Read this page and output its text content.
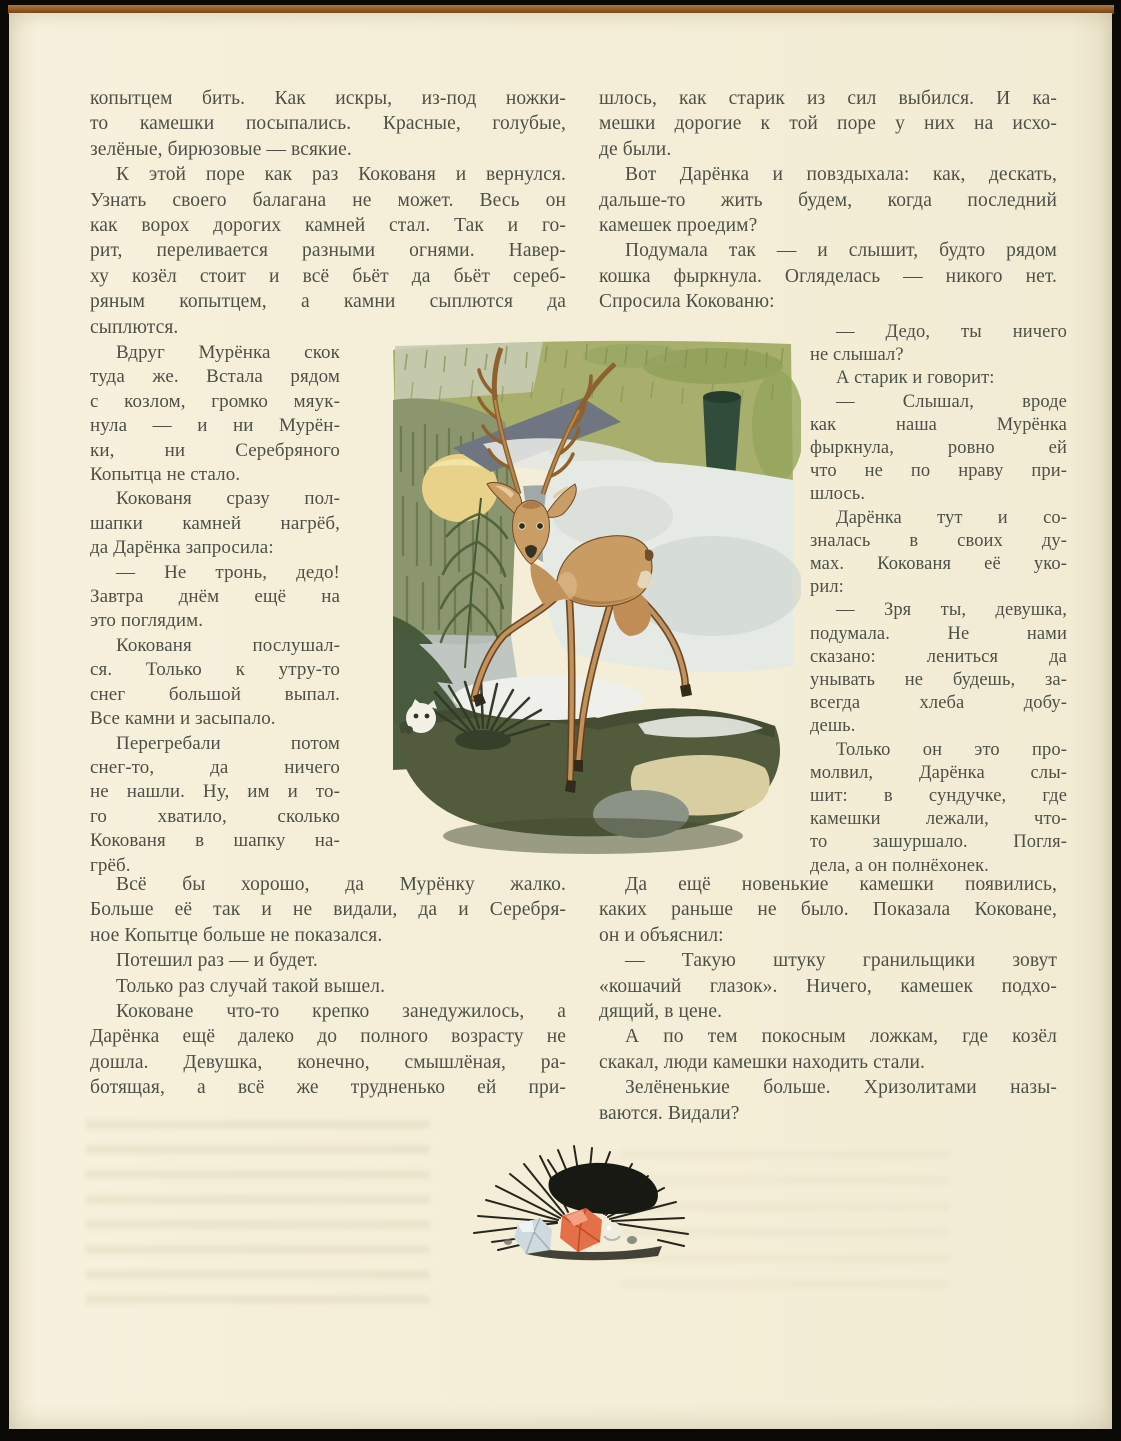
копытцем бить. Как искры, из-под ножки-
то камешки посыпались. Красные, голубые,
зелёные, бирюзовые — всякие.
К этой поре как раз Кокованя и вернулся.
Узнать своего балагана не может. Весь он
как ворох дорогих камней стал. Так и го-
рит, переливается разными огнями. Навер-
ху козёл стоит и всё бьёт да бьёт сереб-
ряным копытцем, а камни сыплются да
сыплются.
Вдруг Мурёнка скок
туда же. Встала рядом
с козлом, громко мяук-
нула — и ни Мурён-
ки, ни Серебряного
Копытца не стало.
Кокованя сразу пол-
шапки камней нагрёб,
да Дарёнка запросила:
— Не тронь, дедо!
Завтра днём ещё на
это поглядим.
Кокованя послушал-
ся. Только к утру-то
снег большой выпал.
Все камни и засыпало.
Перегребали потом
снег-то, да ничего
не нашли. Ну, им и то-
го хватило, сколько
Кокованя в шапку на-
грёб.
Всё бы хорошо, да Мурёнку жалко.
Больше её так и не видали, да и Серебря-
ное Копытце больше не показался.
Потешил раз — и будет.
Только раз случай такой вышел.
Коковане что-то крепко занедужилось, а
Дарёнка ещё далеко до полного возрасту не
дошла. Девушка, конечно, смышлёная, ра-
ботящая, а всё же трудненько ей при-
шлось, как старик из сил выбился. И ка-
мешки дорогие к той поре у них на исхо-
де были.
Вот Дарёнка и повздыхала: как, дескать,
дальше-то жить будем, когда последний
камешек проедим?
Подумала так — и слышит, будто рядом
кошка фыркнула. Огляделась — никого нет.
Спросила Кокованю:
— Дедо, ты ничего
не слышал?
А старик и говорит:
— Слышал, вроде
как наша Мурёнка
фыркнула, ровно ей
что не по нраву при-
шлось.
Дарёнка тут и со-
зналась в своих ду-
мах. Кокованя её уко-
рил:
— Зря ты, девушка,
подумала. Не нами
сказано: лениться да
унывать не будешь, за-
всегда хлеба добу-
дешь.
Только он это про-
молвил, Дарёнка слы-
шит: в сундучке, где
камешки лежали, что-
то зашуршало. Погля-
дела, а он полнёхонек.
Да ещё новенькие камешки появились,
каких раньше не было. Показала Коковане,
он и объяснил:
— Такую штуку гранильщики зовут
«кошачий глазок». Ничего, камешек подхо-
дящий, в цене.
А по тем покосным ложкам, где козёл
скакал, люди камешки находить стали.
Зелёненькие больше. Хризолитами назы-
ваются. Видали?
